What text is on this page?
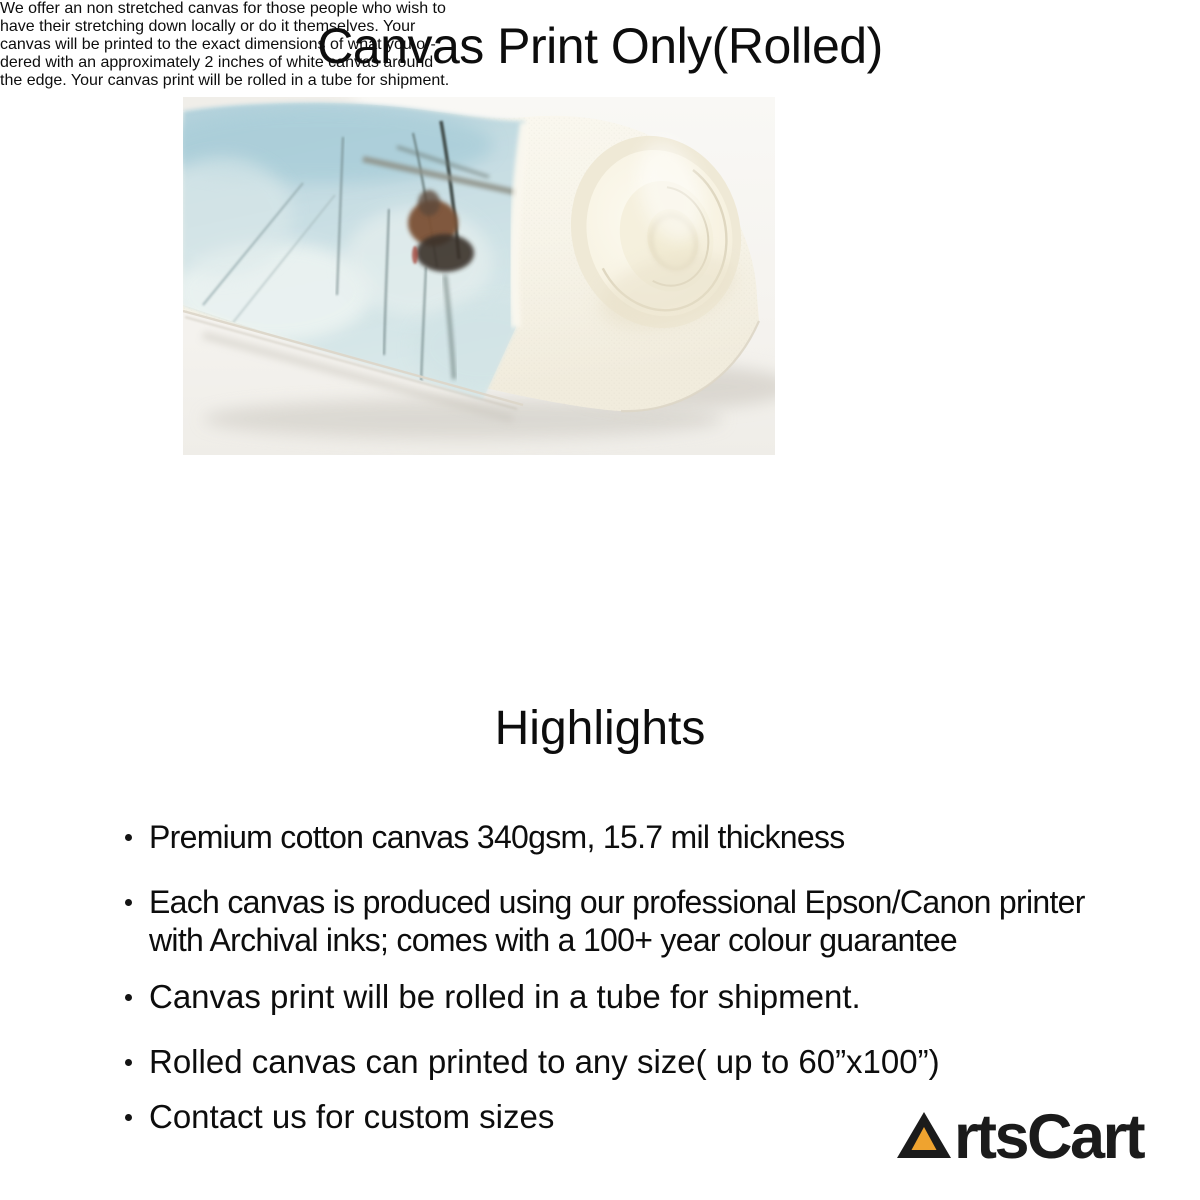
Canvas Print Only(Rolled)

We offer an non stretched canvas for those people who wish to
have their stretching down locally or do it themselves. Your
canvas will be printed to the exact dimensions of what you or-
dered with an approximately 2 inches of white canvas around
the edge. Your canvas print will be rolled in a tube for shipment.

Highlights
Premium cotton canvas 340gsm, 15.7 mil thickness
Each canvas is produced using our professional Epson/Canon printer
with Archival inks; comes with a 100+ year colour guarantee
Canvas print will be rolled in a tube for shipment.
Rolled canvas can printed to any size( up to 60”x100”)
Contact us for custom sizes	rtsCart
